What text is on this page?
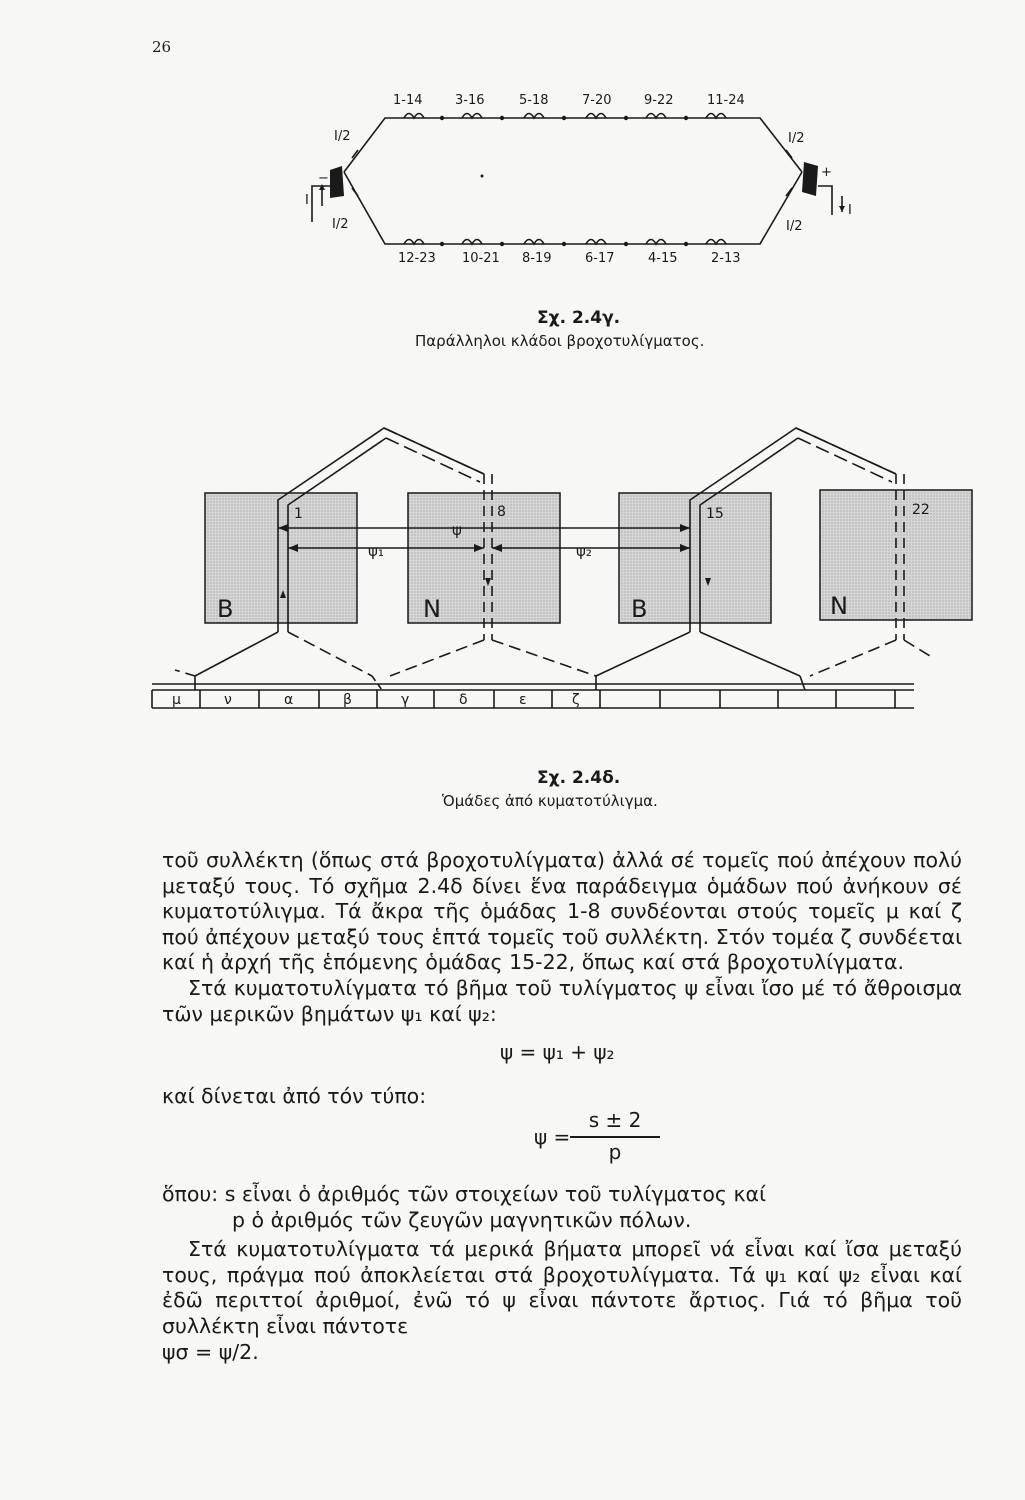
26
1-14 3-16	5-18	7-20 9-22	11-24
12-23 10-21 8-19	6-17	4-15	2-13
I/2
I/2
I/2
I/2
I
I
−	+
Σχ. 2.4γ.
Παράλληλοι κλάδοι βροχοτυλίγματος.
B	N	B	N
1	8	15	22
ψ
ψ₁	ψ₂
μ	ν	α	β	γ	δ	ε	ζ
Σχ. 2.4δ.
Ὁμάδες ἀπό κυματοτύλιγμα.

τοῦ συλλέκτη (ὅπως στά βροχοτυλίγματα) ἀλλά σέ τομεῖς πού ἀπέχουν πολύ μεταξύ τους. Τό σχῆμα 2.4δ δίνει ἕνα παράδειγμα ὁμάδων πού ἀνήκουν σέ κυματοτύλιγμα. Τά ἄκρα τῆς ὁμάδας 1-8 συνδέονται στούς τομεῖς μ καί ζ πού ἀπέχουν μεταξύ τους ἑπτά τομεῖς τοῦ συλλέκτη. Στόν τομέα ζ συνδέεται καί ἡ ἀρχή τῆς ἑπόμενης ὁμάδας 15-22, ὅπως καί στά βροχοτυλίγματα.

Στά κυματοτυλίγματα τό βῆμα τοῦ τυλίγματος ψ εἶναι ἴσο μέ τό ἄθροισμα τῶν μερικῶν βημάτων ψ₁ καί ψ₂:

ψ = ψ₁ + ψ₂

καί δίνεται ἀπό τόν τύπο:

ψ =
s ± 2
p

ὅπου: s εἶναι ὁ ἀριθμός τῶν στοιχείων τοῦ τυλίγματος καί

p ὁ ἀριθμός τῶν ζευγῶν μαγνητικῶν πόλων.

Στά κυματοτυλίγματα τά μερικά βήματα μπορεῖ νά εἶναι καί ἴσα μεταξύ τους, πράγμα πού ἀποκλείεται στά βροχοτυλίγματα. Τά ψ₁ καί ψ₂ εἶναι καί ἐδῶ περιττοί ἀριθμοί, ἐνῶ τό ψ εἶναι πάντοτε ἄρτιος. Γιά τό βῆμα τοῦ συλλέκτη εἶναι πάντοτε

ψσ = ψ/2.
